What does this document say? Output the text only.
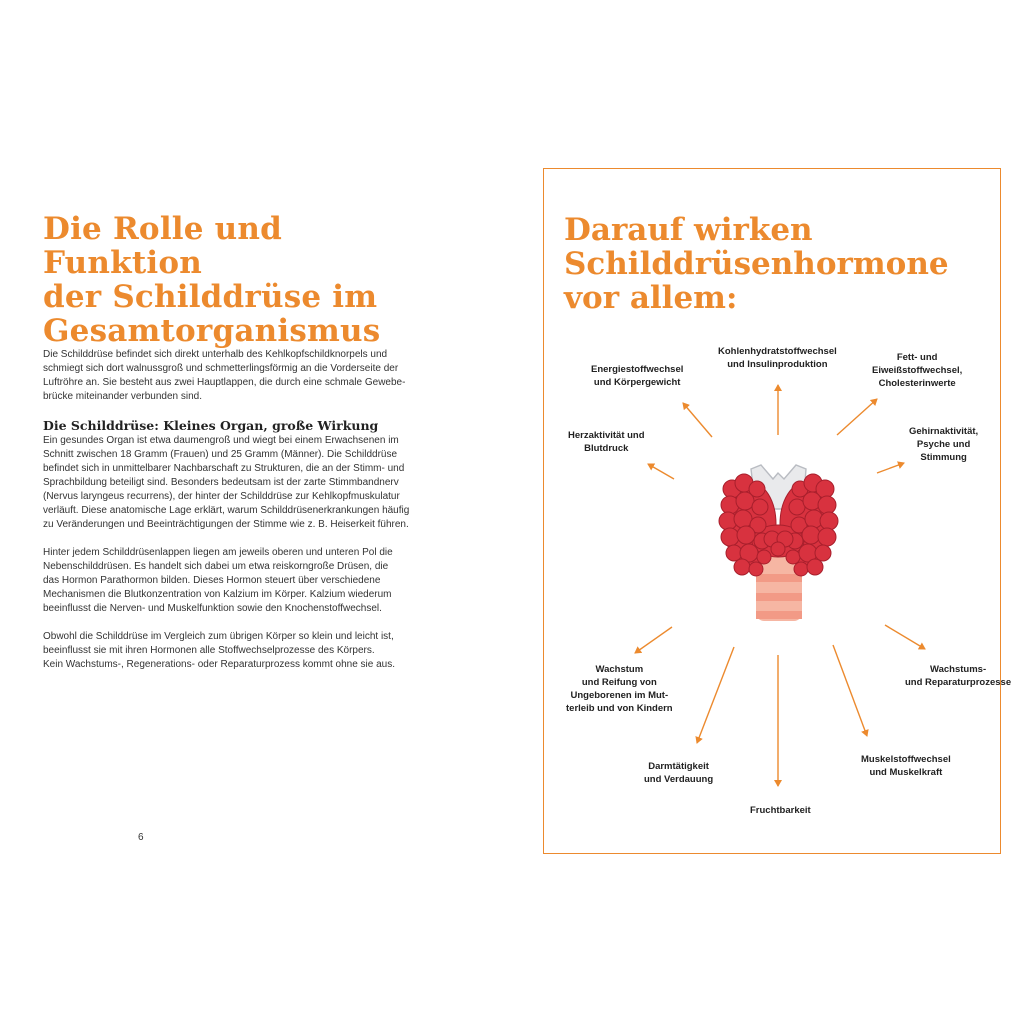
Die Rolle und Funktion
der Schilddrüse im
Gesamtorganismus
Die Schilddrüse befindet sich direkt unterhalb des Kehlkopfschildknorpels und
schmiegt sich dort walnussgroß und schmetterlingsförmig an die Vorderseite der
Luftröhre an. Sie besteht aus zwei Hauptlappen, die durch eine schmale Gewebe-
brücke miteinander verbunden sind.
Die Schilddrüse: Kleines Organ, große Wirkung
Ein gesundes Organ ist etwa daumengroß und wiegt bei einem Erwachsenen im
Schnitt zwischen 18 Gramm (Frauen) und 25 Gramm (Männer). Die Schilddrüse
befindet sich in unmittelbarer Nachbarschaft zu Strukturen, die an der Stimm- und
Sprachbildung beteiligt sind. Besonders bedeutsam ist der zarte Stimmbandnerv
(Nervus laryngeus recurrens), der hinter der Schilddrüse zur Kehlkopfmuskulatur
verläuft. Diese anatomische Lage erklärt, warum Schilddrüsenerkrankungen häufig
zu Veränderungen und Beeinträchtigungen der Stimme wie z. B. Heiserkeit führen.
Hinter jedem Schilddrüsenlappen liegen am jeweils oberen und unteren Pol die
Nebenschilddrüsen. Es handelt sich dabei um etwa reiskorngroße Drüsen, die
das Hormon Parathormon bilden. Dieses Hormon steuert über verschiedene
Mechanismen die Blutkonzentration von Kalzium im Körper. Kalzium wiederum
beeinflusst die Nerven- und Muskelfunktion sowie den Knochenstoffwechsel.
Obwohl die Schilddrüse im Vergleich zum übrigen Körper so klein und leicht ist,
beeinflusst sie mit ihren Hormonen alle Stoffwechselprozesse des Körpers.
Kein Wachstums-, Regenerations- oder Reparaturprozess kommt ohne sie aus.
6
Darauf wirken
Schilddrüsenhormone
vor allem:
Energiestoffwechsel
und Körpergewicht
Kohlenhydratstoffwechsel
und Insulinproduktion
Fett- und
Eiweißstoffwechsel,
Cholesterinwerte
Herzaktivität und
Blutdruck
Gehirnaktivität,
Psyche und
Stimmung
Wachstum
und Reifung von
Ungeborenen im Mut-
terleib und von Kindern
Wachstums-
und Reparaturprozesse
Darmtätigkeit
und Verdauung
Muskelstoffwechsel
und Muskelkraft
Fruchtbarkeit
